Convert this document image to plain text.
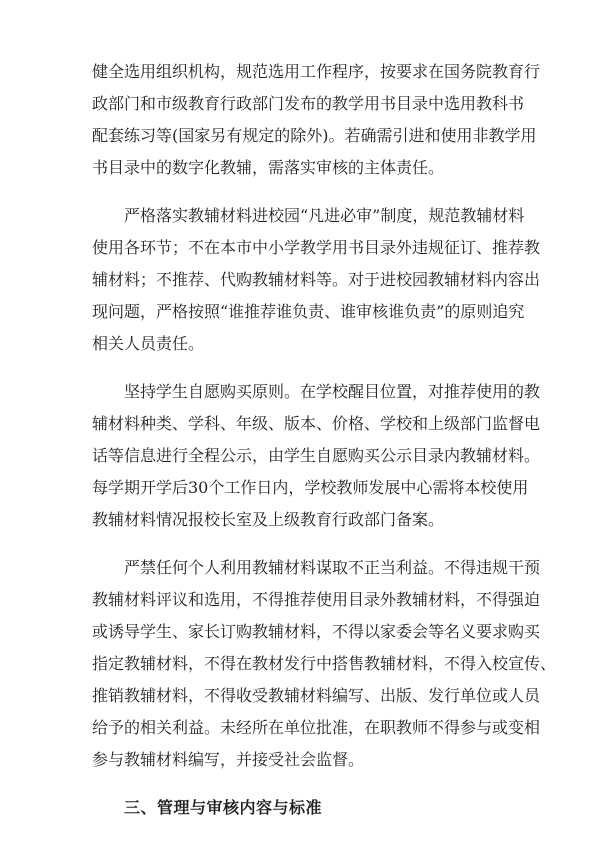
健全选用组织机构，规范选用工作程序，按要求在国务院教育行
政部门和市级教育行政部门发布的教学用书目录中选用教科书
配套练习等(国家另有规定的除外)。若确需引进和使用非教学用
书目录中的数字化教辅，需落实审核的主体责任。
严格落实教辅材料进校园“凡进必审”制度，规范教辅材料
使用各环节；不在本市中小学教学用书目录外违规征订、推荐教
辅材料；不推荐、代购教辅材料等。对于进校园教辅材料内容出
现问题，严格按照“谁推荐谁负责、谁审核谁负责”的原则追究
相关人员责任。
坚持学生自愿购买原则。在学校醒目位置，对推荐使用的教
辅材料种类、学科、年级、版本、价格、学校和上级部门监督电
话等信息进行全程公示，由学生自愿购买公示目录内教辅材料。
每学期开学后30个工作日内，学校教师发展中心需将本校使用
教辅材料情况报校长室及上级教育行政部门备案。
严禁任何个人利用教辅材料谋取不正当利益。不得违规干预
教辅材料评议和选用，不得推荐使用目录外教辅材料，不得强迫
或诱导学生、家长订购教辅材料，不得以家委会等名义要求购买
指定教辅材料，不得在教材发行中搭售教辅材料，不得入校宣传、
推销教辅材料，不得收受教辅材料编写、出版、发行单位或人员
给予的相关利益。未经所在单位批准，在职教师不得参与或变相
参与教辅材料编写，并接受社会监督。
三、管理与审核内容与标准
